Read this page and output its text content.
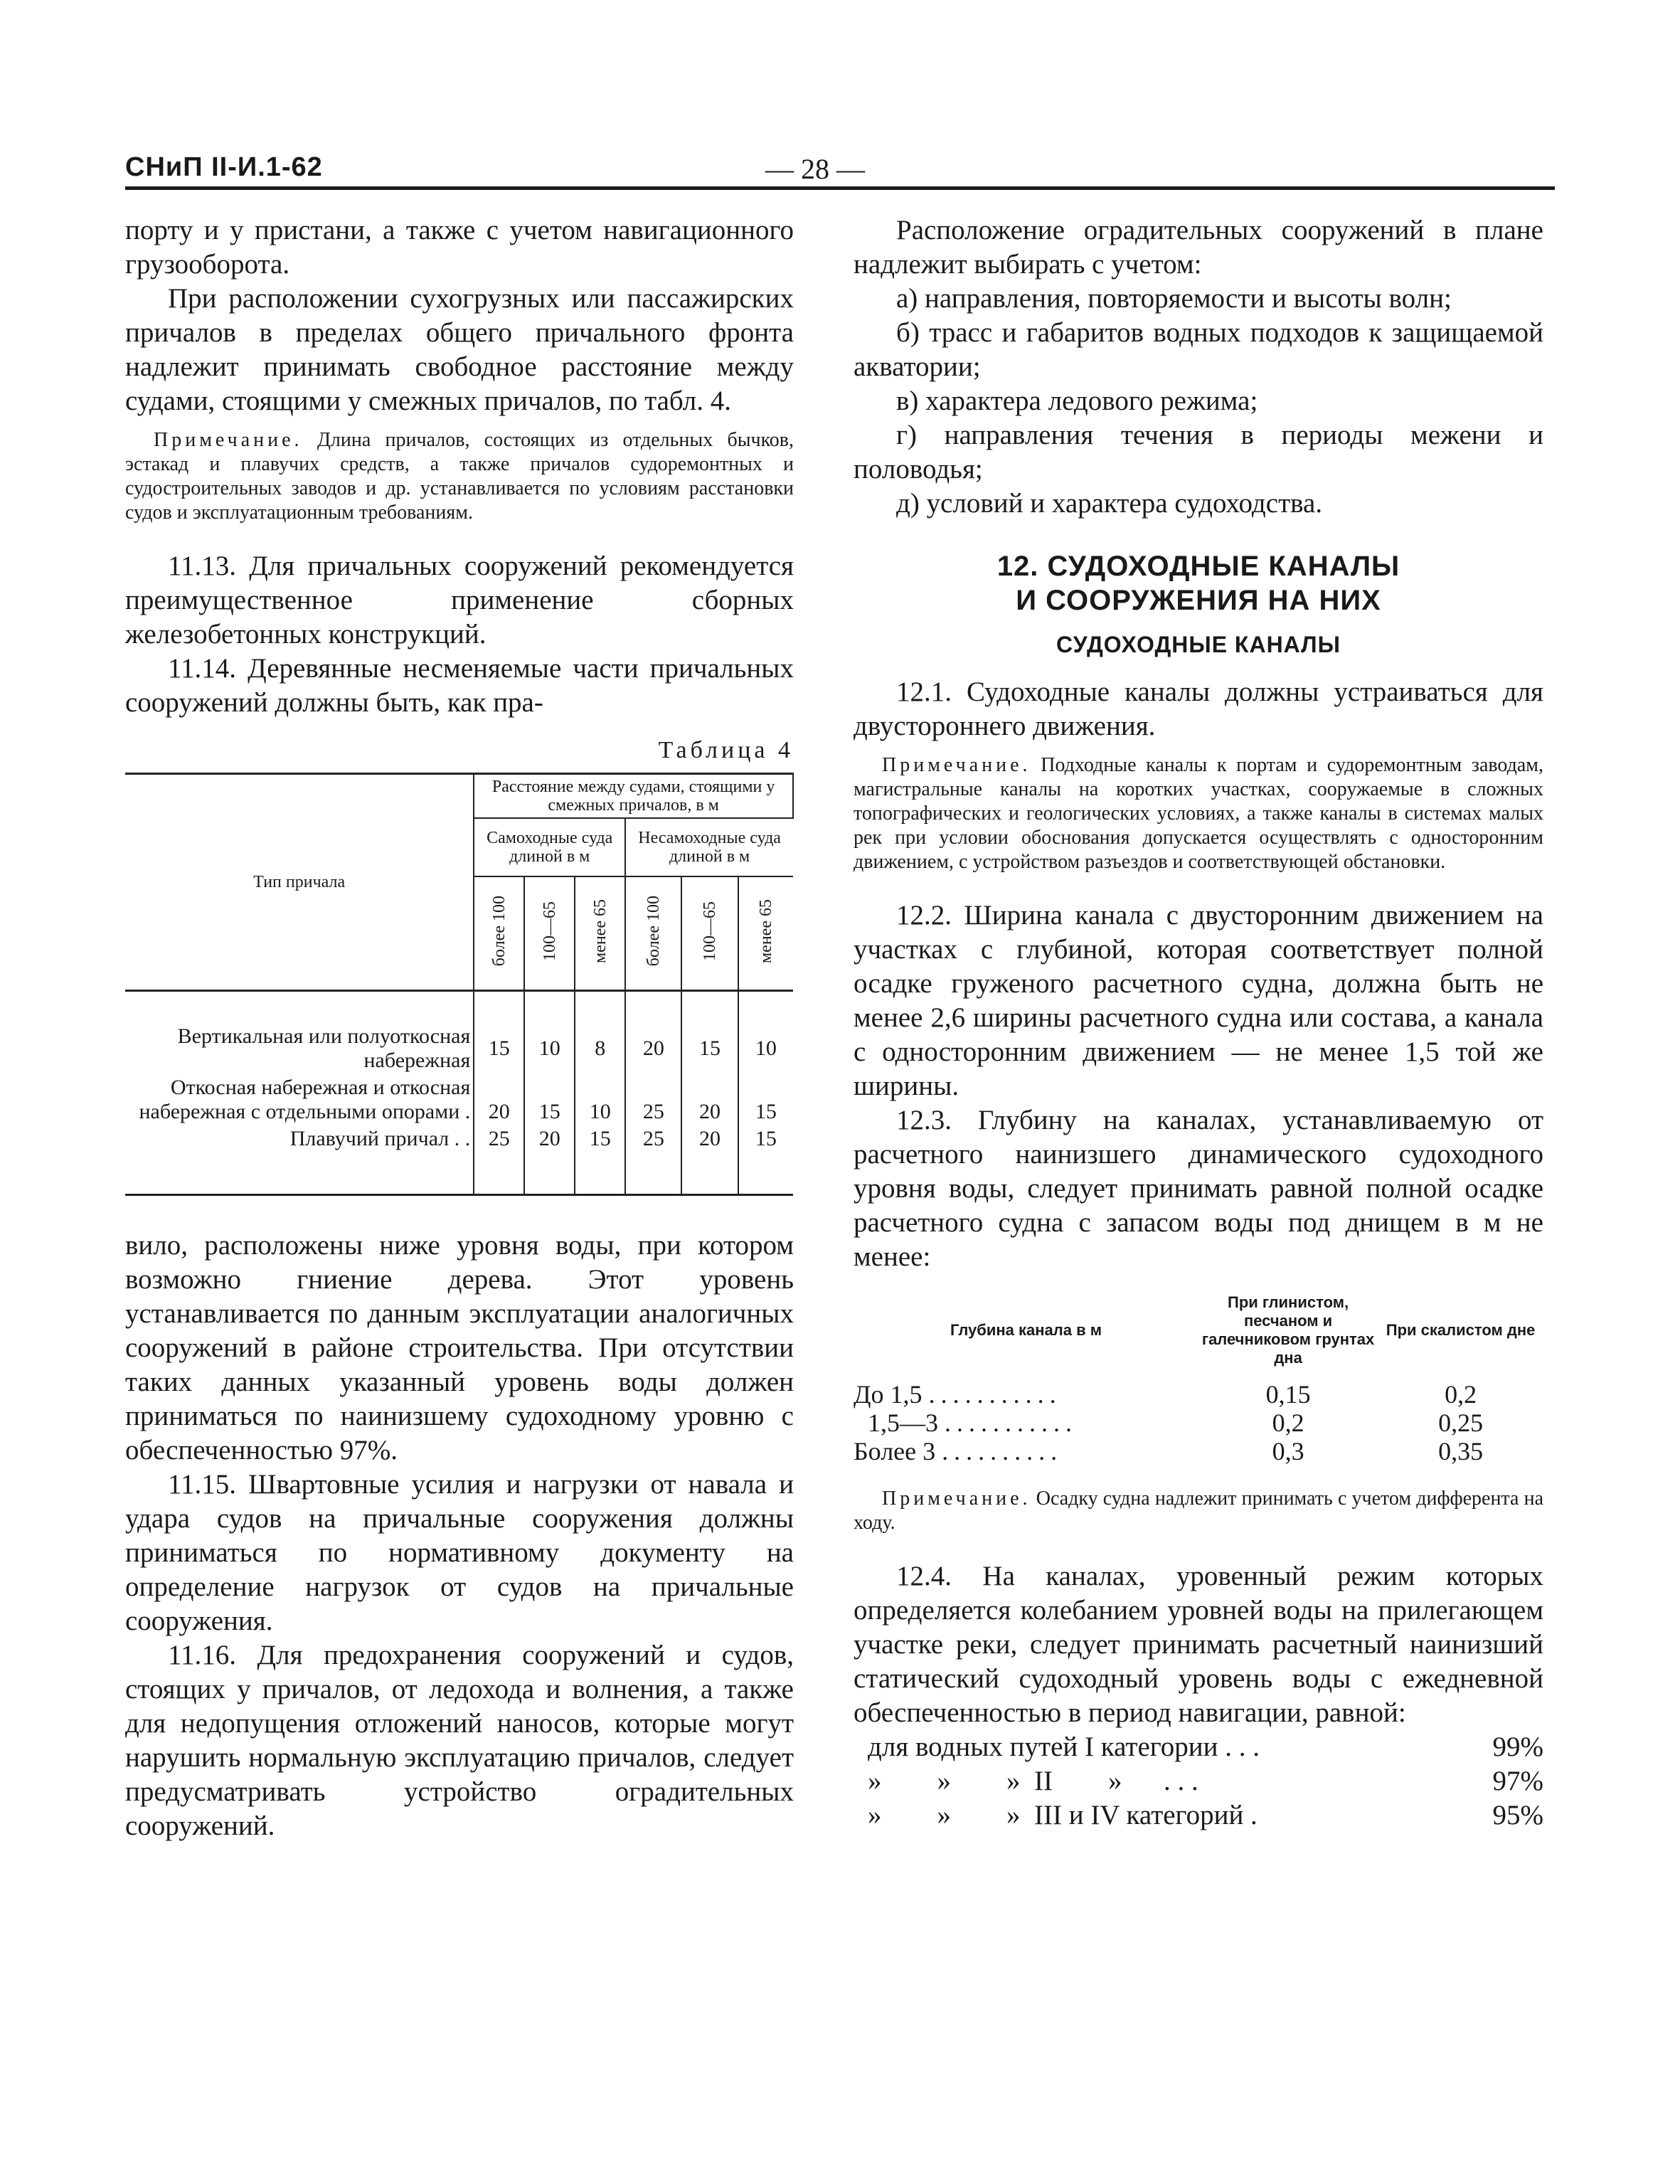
СНиП II-И.1-62	— 28 —

порту и у пристани, а также с учетом навигационного грузооборота.

При расположении сухогрузных или пассажирских причалов в пределах общего причального фронта надлежит принимать свободное расстояние между судами, стоящими у смежных причалов, по табл. 4.

Примечание. Длина причалов, состоящих из отдельных бычков, эстакад и плавучих средств, а также причалов судоремонтных и судостроительных заводов и др. устанавливается по условиям расстановки судов и эксплуатационным требованиям.

11.13. Для причальных сооружений рекомендуется преимущественное применение сборных железобетонных конструкций.

11.14. Деревянные несменяемые части причальных сооружений должны быть, как пра-

Таблица 4
Тип причала	Расстояние между судами, стоящими у смежных причалов, в м					
	Самоходные суда длиной в м			Несамоходные суда длиной в м		
	более 100	100—65	менее 65	более 100	100—65	менее 65
Вертикальная или полуоткосная набережная	15	10	8	20	15	10
Откосная набережная и откосная набережная с отдельными опорами .	20	15	10	25	20	15
Плавучий причал . .	25	20	15	25	20	15

вило, расположены ниже уровня воды, при котором возможно гниение дерева. Этот уровень устанавливается по данным эксплуатации аналогичных сооружений в районе строительства. При отсутствии таких данных указанный уровень воды должен приниматься по наинизшему судоходному уровню с обеспеченностью 97%.

11.15. Швартовные усилия и нагрузки от навала и удара судов на причальные сооружения должны приниматься по нормативному документу на определение нагрузок от судов на причальные сооружения.

11.16. Для предохранения сооружений и судов, стоящих у причалов, от ледохода и волнения, а также для недопущения отложений наносов, которые могут нарушить нормальную эксплуатацию причалов, следует предусматривать устройство оградительных сооружений.

Расположение оградительных сооружений в плане надлежит выбирать с учетом:

а) направления, повторяемости и высоты волн;

б) трасс и габаритов водных подходов к защищаемой акватории;

в) характера ледового режима;

г) направления течения в периоды межени и половодья;

д) условий и характера судоходства.

12. СУДОХОДНЫЕ КАНАЛЫ
И СООРУЖЕНИЯ НА НИХ
СУДОХОДНЫЕ КАНАЛЫ

12.1. Судоходные каналы должны устраиваться для двустороннего движения.

Примечание. Подходные каналы к портам и судоремонтным заводам, магистральные каналы на коротких участках, сооружаемые в сложных топографических и геологических условиях, а также каналы в системах малых рек при условии обоснования допускается осуществлять с односторонним движением, с устройством разъездов и соответствующей обстановки.

12.2. Ширина канала с двусторонним движением на участках с глубиной, которая соответствует полной осадке груженого расчетного судна, должна быть не менее 2,6 ширины расчетного судна или состава, а канала с односторонним движением — не менее 1,5 той же ширины.

12.3. Глубину на каналах, устанавливаемую от расчетного наинизшего динамического судоходного уровня воды, следует принимать равной полной осадке расчетного судна с запасом воды под днищем в м не менее:

Глубина канала в м	При глинистом, песчаном и галечниковом грунтах дна	При скалистом дне
До 1,5 ...........	0,15	0,2
1,5—3 ...........	0,2	0,25
Более 3 ..........	0,3	0,35
Примечание. Осадку судна надлежит принимать с учетом дифферента на ходу.

12.4. На каналах, уровенный режим которых определяется колебанием уровней воды на прилегающем участке реки, следует принимать расчетный наинизший статический судоходный уровень воды с ежедневной обеспеченностью в период навигации, равной:

для водных путей I категории . . .	99%
»        »        »  II        »      . . .	97%
»        »        »  III и IV категорий .	95%
